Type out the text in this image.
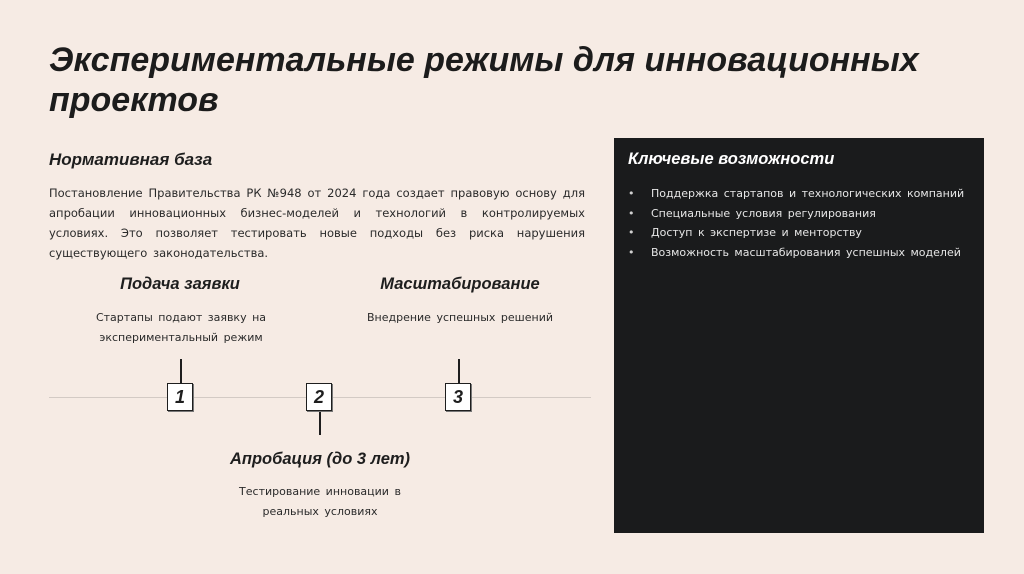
Экспериментальные режимы для инновационных проектов
Нормативная база

Постановление Правительства РК №948 от 2024 года создает правовую основу для апробации инновационных бизнес-моделей и технологий в контролируемых условиях. Это позволяет тестировать новые подходы без риска нарушения существующего законодательства.

Подача заявки
Стартапы подают заявку на экспериментальный режим
Масштабирование
Внедрение успешных решений
1	2	3
Апробация (до 3 лет)
Тестирование инновации в реальных условиях
Ключевые возможности
• Поддержка стартапов и технологических компаний
• Специальные условия регулирования
• Доступ к экспертизе и менторству
• Возможность масштабирования успешных моделей
